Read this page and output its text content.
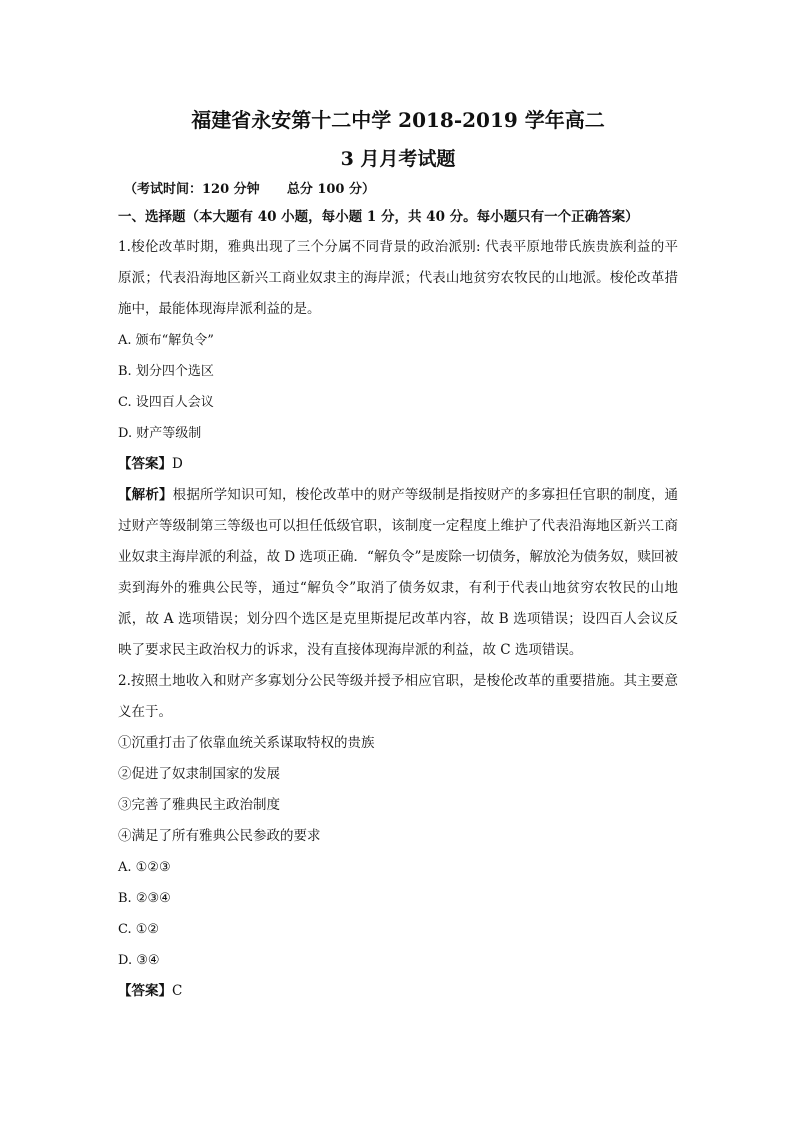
福建省永安第十二中学 2018-2019 学年高二
3 月月考试题
（考试时间：120 分钟      总分 100 分）
一、选择题（本大题有 40 小题，每小题 1 分，共 40 分。每小题只有一个正确答案）

1.梭伦改革时期，雅典出现了三个分属不同背景的政治派别: 代表平原地带氏族贵族利益的平原派；代表沿海地区新兴工商业奴隶主的海岸派；代表山地贫穷农牧民的山地派。梭伦改革措施中，最能体现海岸派利益的是。

A. 颁布“解负令”
B. 划分四个选区
C. 设四百人会议
D. 财产等级制

【答案】D

【解析】根据所学知识可知，梭伦改革中的财产等级制是指按财产的多寡担任官职的制度，通过财产等级制第三等级也可以担任低级官职，该制度一定程度上维护了代表沿海地区新兴工商业奴隶主海岸派的利益，故 D 选项正确．“解负令”是废除一切债务，解放沦为债务奴，赎回被卖到海外的雅典公民等，通过“解负令”取消了债务奴隶，有利于代表山地贫穷农牧民的山地派，故 A 选项错误；划分四个选区是克里斯提尼改革内容，故 B 选项错误；设四百人会议反映了要求民主政治权力的诉求，没有直接体现海岸派的利益，故 C 选项错误。

2.按照土地收入和财产多寡划分公民等级并授予相应官职，是梭伦改革的重要措施。其主要意义在于。

①沉重打击了依靠血统关系谋取特权的贵族
②促进了奴隶制国家的发展
③完善了雅典民主政治制度
④满足了所有雅典公民参政的要求
A. ①②③
B. ②③④
C. ①②
D. ③④

【答案】C
